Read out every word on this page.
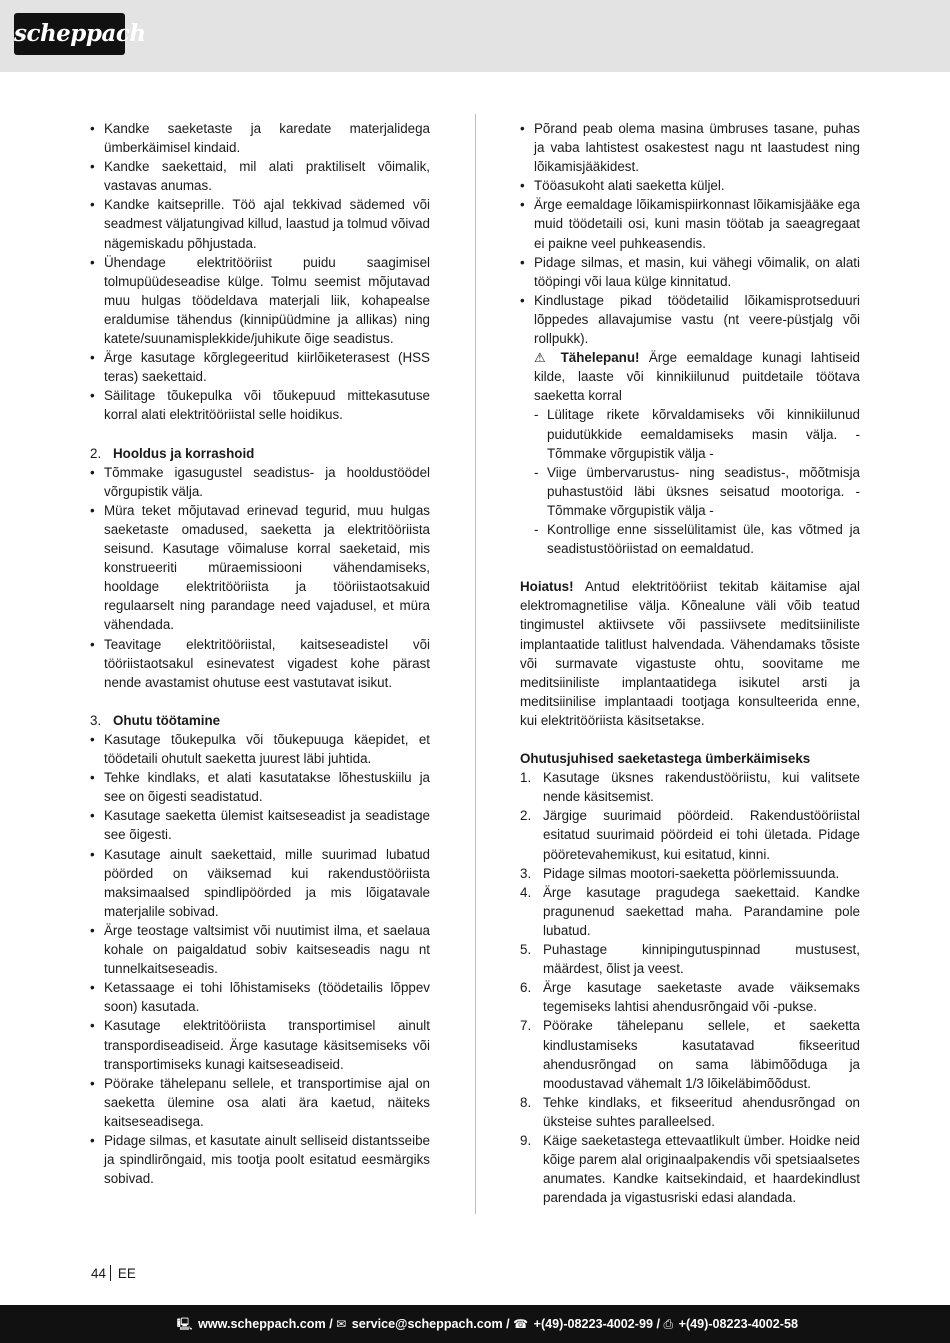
scheppach
• Kandke saeketaste ja karedate materjalidega ümberkäimisel kindaid.
• Kandke saekettaid, mil alati praktiliselt võimalik, vastavas anumas.
• Kandke kaitseprille. Töö ajal tekkivad sädemed või seadmest väljatungivad killud, laastud ja tolmud võivad nägemiskadu põhjustada.
• Ühendage elektritööriist puidu saagimisel tolmupüüdeseadise külge. Tolmu seemist mõjutavad muu hulgas töödeldava materjali liik, kohapealse eraldumise tähendus (kinnipüüdmine ja allikas) ning katete/suunamisplekkide/juhikute õige seadistus.
• Ärge kasutage kõrglegeeritud kiirlõiketerasest (HSS teras) saekettaid.
• Säilitage tõukepulka või tõukepuud mittekasutuse korral alati elektritööriistal selle hoidikus.
2. Hooldus ja korrashoid
• Tõmmake igasugustel seadistus- ja hooldustöödel võrgupistik välja.
• Müra teket mõjutavad erinevad tegurid, muu hulgas saeketaste omadused, saeketta ja elektritööriista seisund. Kasutage võimaluse korral saeketaid, mis konstrueeriti müraemissiooni vähendamiseks, hooldage elektritööriista ja tööriistaotsakuid regulaarselt ning parandage need vajadusel, et müra vähendada.
• Teavitage elektritööriistal, kaitseseadistel või tööriistaotsakul esinevatest vigadest kohe pärast nende avastamist ohutuse eest vastutavat isikut.
3. Ohutu töötamine
• Kasutage tõukepulka või tõukepuuga käepidet, et töödetaili ohutult saeketta juurest läbi juhtida.
• Tehke kindlaks, et alati kasutatakse lõhestuskiilu ja see on õigesti seadistatud.
• Kasutage saeketta ülemist kaitseseadist ja seadistage see õigesti.
• Kasutage ainult saekettaid, mille suurimad lubatud pöörded on väiksemad kui rakendustööriista maksimaalsed spindlipöörded ja mis lõigatavale materjalile sobivad.
• Ärge teostage valtsimist või nuutimist ilma, et saelaua kohale on paigaldatud sobiv kaitseseadis nagu nt tunnelkaitseseadis.
• Ketassaage ei tohi lõhistamiseks (töödetailis lõppev soon) kasutada.
• Kasutage elektritööriista transportimisel ainult transpordiseadiseid. Ärge kasutage käsitsemiseks või transportimiseks kunagi kaitseseadiseid.
• Pöörake tähelepanu sellele, et transportimise ajal on saeketta ülemine osa alati ära kaetud, näiteks kaitseseadisega.
• Pidage silmas, et kasutate ainult selliseid distantsseibe ja spindlirõngaid, mis tootja poolt esitatud eesmärgiks sobivad.
• Põrand peab olema masina ümbruses tasane, puhas ja vaba lahtistest osakestest nagu nt laastudest ning lõikamisjääkidest.
• Tööasukoht alati saeketta küljel.
• Ärge eemaldage lõikamispiirkonnast lõikamisjääke ega muid töödetaili osi, kuni masin töötab ja saeagregaat ei paikne veel puhkeasendis.
• Pidage silmas, et masin, kui vähegi võimalik, on alati tööpingi või laua külge kinnitatud.
• Kindlustage pikad töödetailid lõikamisprotseduuri lõppedes allavajumise vastu (nt veere-püstjalg või rollpukk).
⚠ Tähelepanu! Ärge eemaldage kunagi lahtiseid kilde, laaste või kinnikiilunud puitdetaile töötava saeketta korral
- Lülitage rikete kõrvaldamiseks või kinnikiilunud puidutükkide eemaldamiseks masin välja. - Tõmmake võrgupistik välja -
- Viige ümbervarustus- ning seadistus-, mõõtmisja puhastustöid läbi üksnes seisatud mootoriga. - Tõmmake võrgupistik välja -
- Kontrollige enne sisselülitamist üle, kas võtmed ja seadistustööriistad on eemaldatud.
Hoiatus! Antud elektritööriist tekitab käitamise ajal elektromagnetilise välja. Kõnealune väli võib teatud tingimustel aktiivsete või passiivsete meditsiiniliste implantaatide talitlust halvendada. Vähendamaks tõsiste või surmavate vigastuste ohtu, soovitame me meditsiiniliste implantaatidega isikutel arsti ja meditsiinilise implantaadi tootjaga konsulteerida enne, kui elektritööriista käsitsetakse.
Ohutusjuhised saeketastega ümberkäimiseks
1. Kasutage üksnes rakendustööriistu, kui valitsete nende käsitsemist.
2. Järgige suurimaid pöördeid. Rakendustööriistal esitatud suurimaid pöördeid ei tohi ületada. Pidage pööretevahemikust, kui esitatud, kinni.
3. Pidage silmas mootori-saeketta pöörlemissuunda.
4. Ärge kasutage pragudega saekettaid. Kandke pragunenud saekettad maha. Parandamine pole lubatud.
5. Puhastage kinnipingutuspinnad mustusest, määrdest, õlist ja veest.
6. Ärge kasutage saeketaste avade väiksemaks tegemiseks lahtisi ahendusrõngaid või -pukse.
7. Pöörake tähelepanu sellele, et saeketta kindlustamiseks kasutatavad fikseeritud ahendusrõngad on sama läbimõõduga ja moodustavad vähemalt 1/3 lõikeläbimõõdust.
8. Tehke kindlaks, et fikseeritud ahendusrõngad on üksteise suhtes paralleelsed.
9. Käige saeketastega ettevaatlikult ümber. Hoidke neid kõige parem alal originaalpakendis või spetsiaalsetes anumates. Kandke kaitsekindaid, et haardekindlust parendada ja vigastusriski edasi alandada.
44 EE
🖳 www.scheppach.com / ✉ service@scheppach.com / ☎ +(49)-08223-4002-99 / ⎙ +(49)-08223-4002-58
